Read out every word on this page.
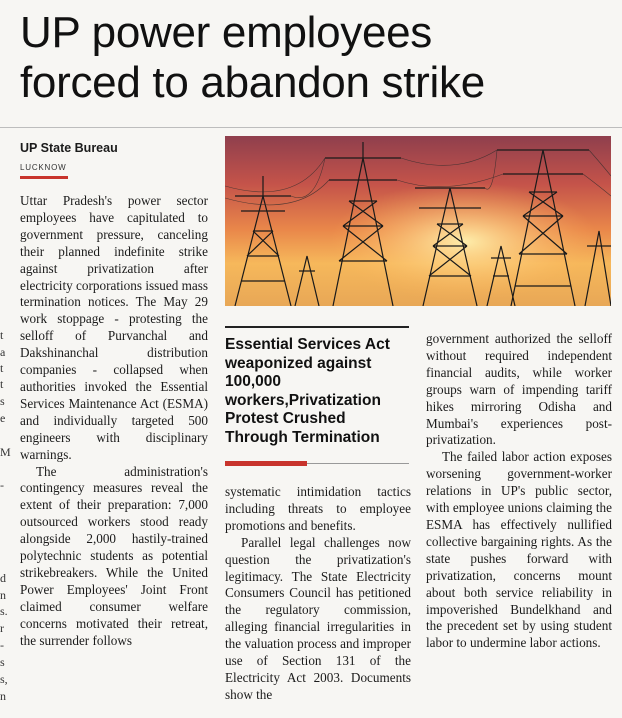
UP power employees
forced to abandon strike
UP State Bureau
LUCKNOW
t
t
a
t
s
e
M
-
d
n
s.
r
-
s
s,
n

Uttar Pradesh's power sector employees have capitulated to government pressure, canceling their planned indefinite strike against privatization after electricity corporations issued mass termination notices. The May 29 work stoppage - protesting the selloff of Purvanchal and Dakshinanchal distribution companies - collapsed when authorities invoked the Essential Services Maintenance Act (ESMA) and individually targeted 500 engineers with disciplinary warnings.

The administration's contingency measures reveal the extent of their preparation: 7,000 outsourced workers stood ready alongside 2,000 hastily-trained polytechnic students as potential strikebreakers. While the United Power Employees' Joint Front claimed consumer welfare concerns motivated their retreat, the surrender follows

Essential Services Act weaponized against 100,000 workers,Privatization Protest Crushed Through Termination

systematic intimidation tactics including threats to employee promotions and benefits.

Parallel legal challenges now question the privatization's legitimacy. The State Electricity Consumers Council has petitioned the regulatory commission, alleging financial irregularities in the valuation process and improper use of Section 131 of the Electricity Act 2003. Documents show the

government authorized the selloff without required independent financial audits, while worker groups warn of impending tariff hikes mirroring Odisha and Mumbai's experiences post-privatization.

The failed labor action exposes worsening government-worker relations in UP's public sector, with employee unions claiming the ESMA has effectively nullified collective bargaining rights. As the state pushes forward with privatization, concerns mount about both service reliability in impoverished Bundelkhand and the precedent set by using student labor to undermine labor actions.
